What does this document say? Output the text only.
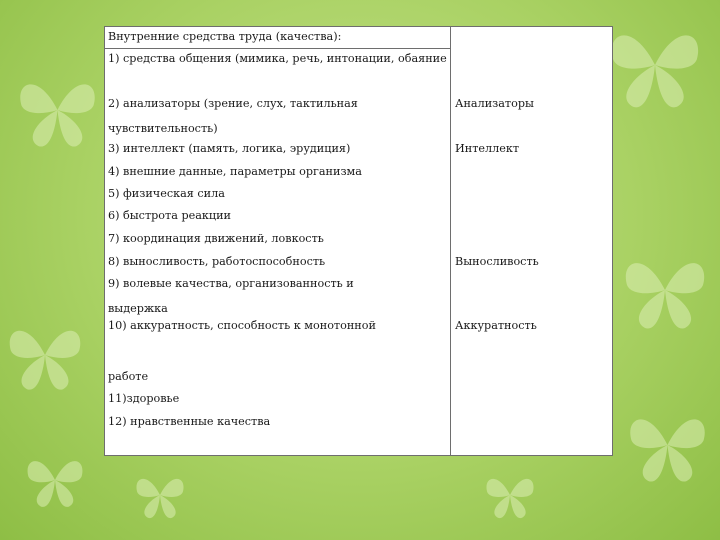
Внутренние средства труда (качества):
1) средства общения (мимика, речь, интонации, обаяние
2) анализаторы (зрение, слух, тактильная
чувствительность)
3) интеллект (память, логика, эрудиция)
4) внешние данные, параметры организма
5) физическая сила
6) быстрота реакции
7) координация движений, ловкость
8) выносливость, работоспособность
9) волевые качества, организованность и
выдержка
10) аккуратность, способность к монотонной
работе
11)здоровье
12) нравственные качества
Анализаторы
Интеллект
Выносливость
Аккуратность
